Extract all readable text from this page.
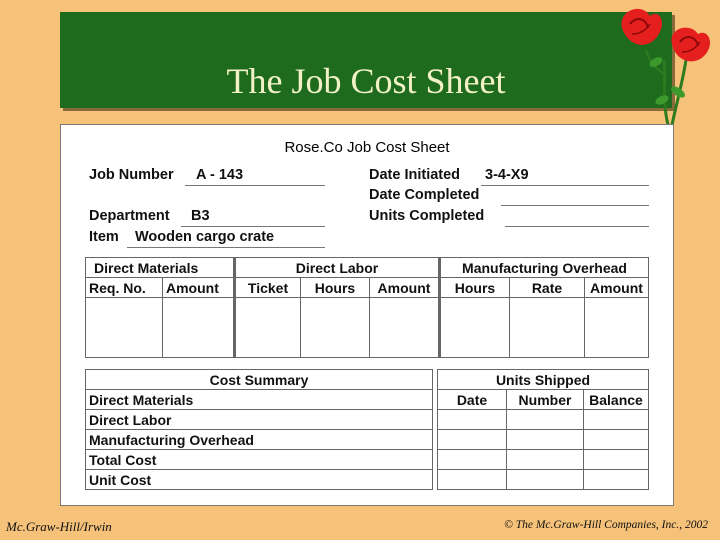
The Job Cost Sheet
Rose.Co Job Cost Sheet
Job Number A - 143
Department B3
Item Wooden cargo crate
Date Initiated 3-4-X9
Date Completed
Units Completed
Direct Materials		Direct Labor			Manufacturing Overhead		
Req. No.	Amount	Ticket	Hours	Amount	Hours	Rate	Amount

Cost Summary
Direct Materials
Direct Labor
Manufacturing Overhead
Total Cost
Unit Cost
Units Shipped		
Date	Number	Balance

Mc.Graw-Hill/Irwin	© The Mc.Graw-Hill Companies, Inc., 2002
